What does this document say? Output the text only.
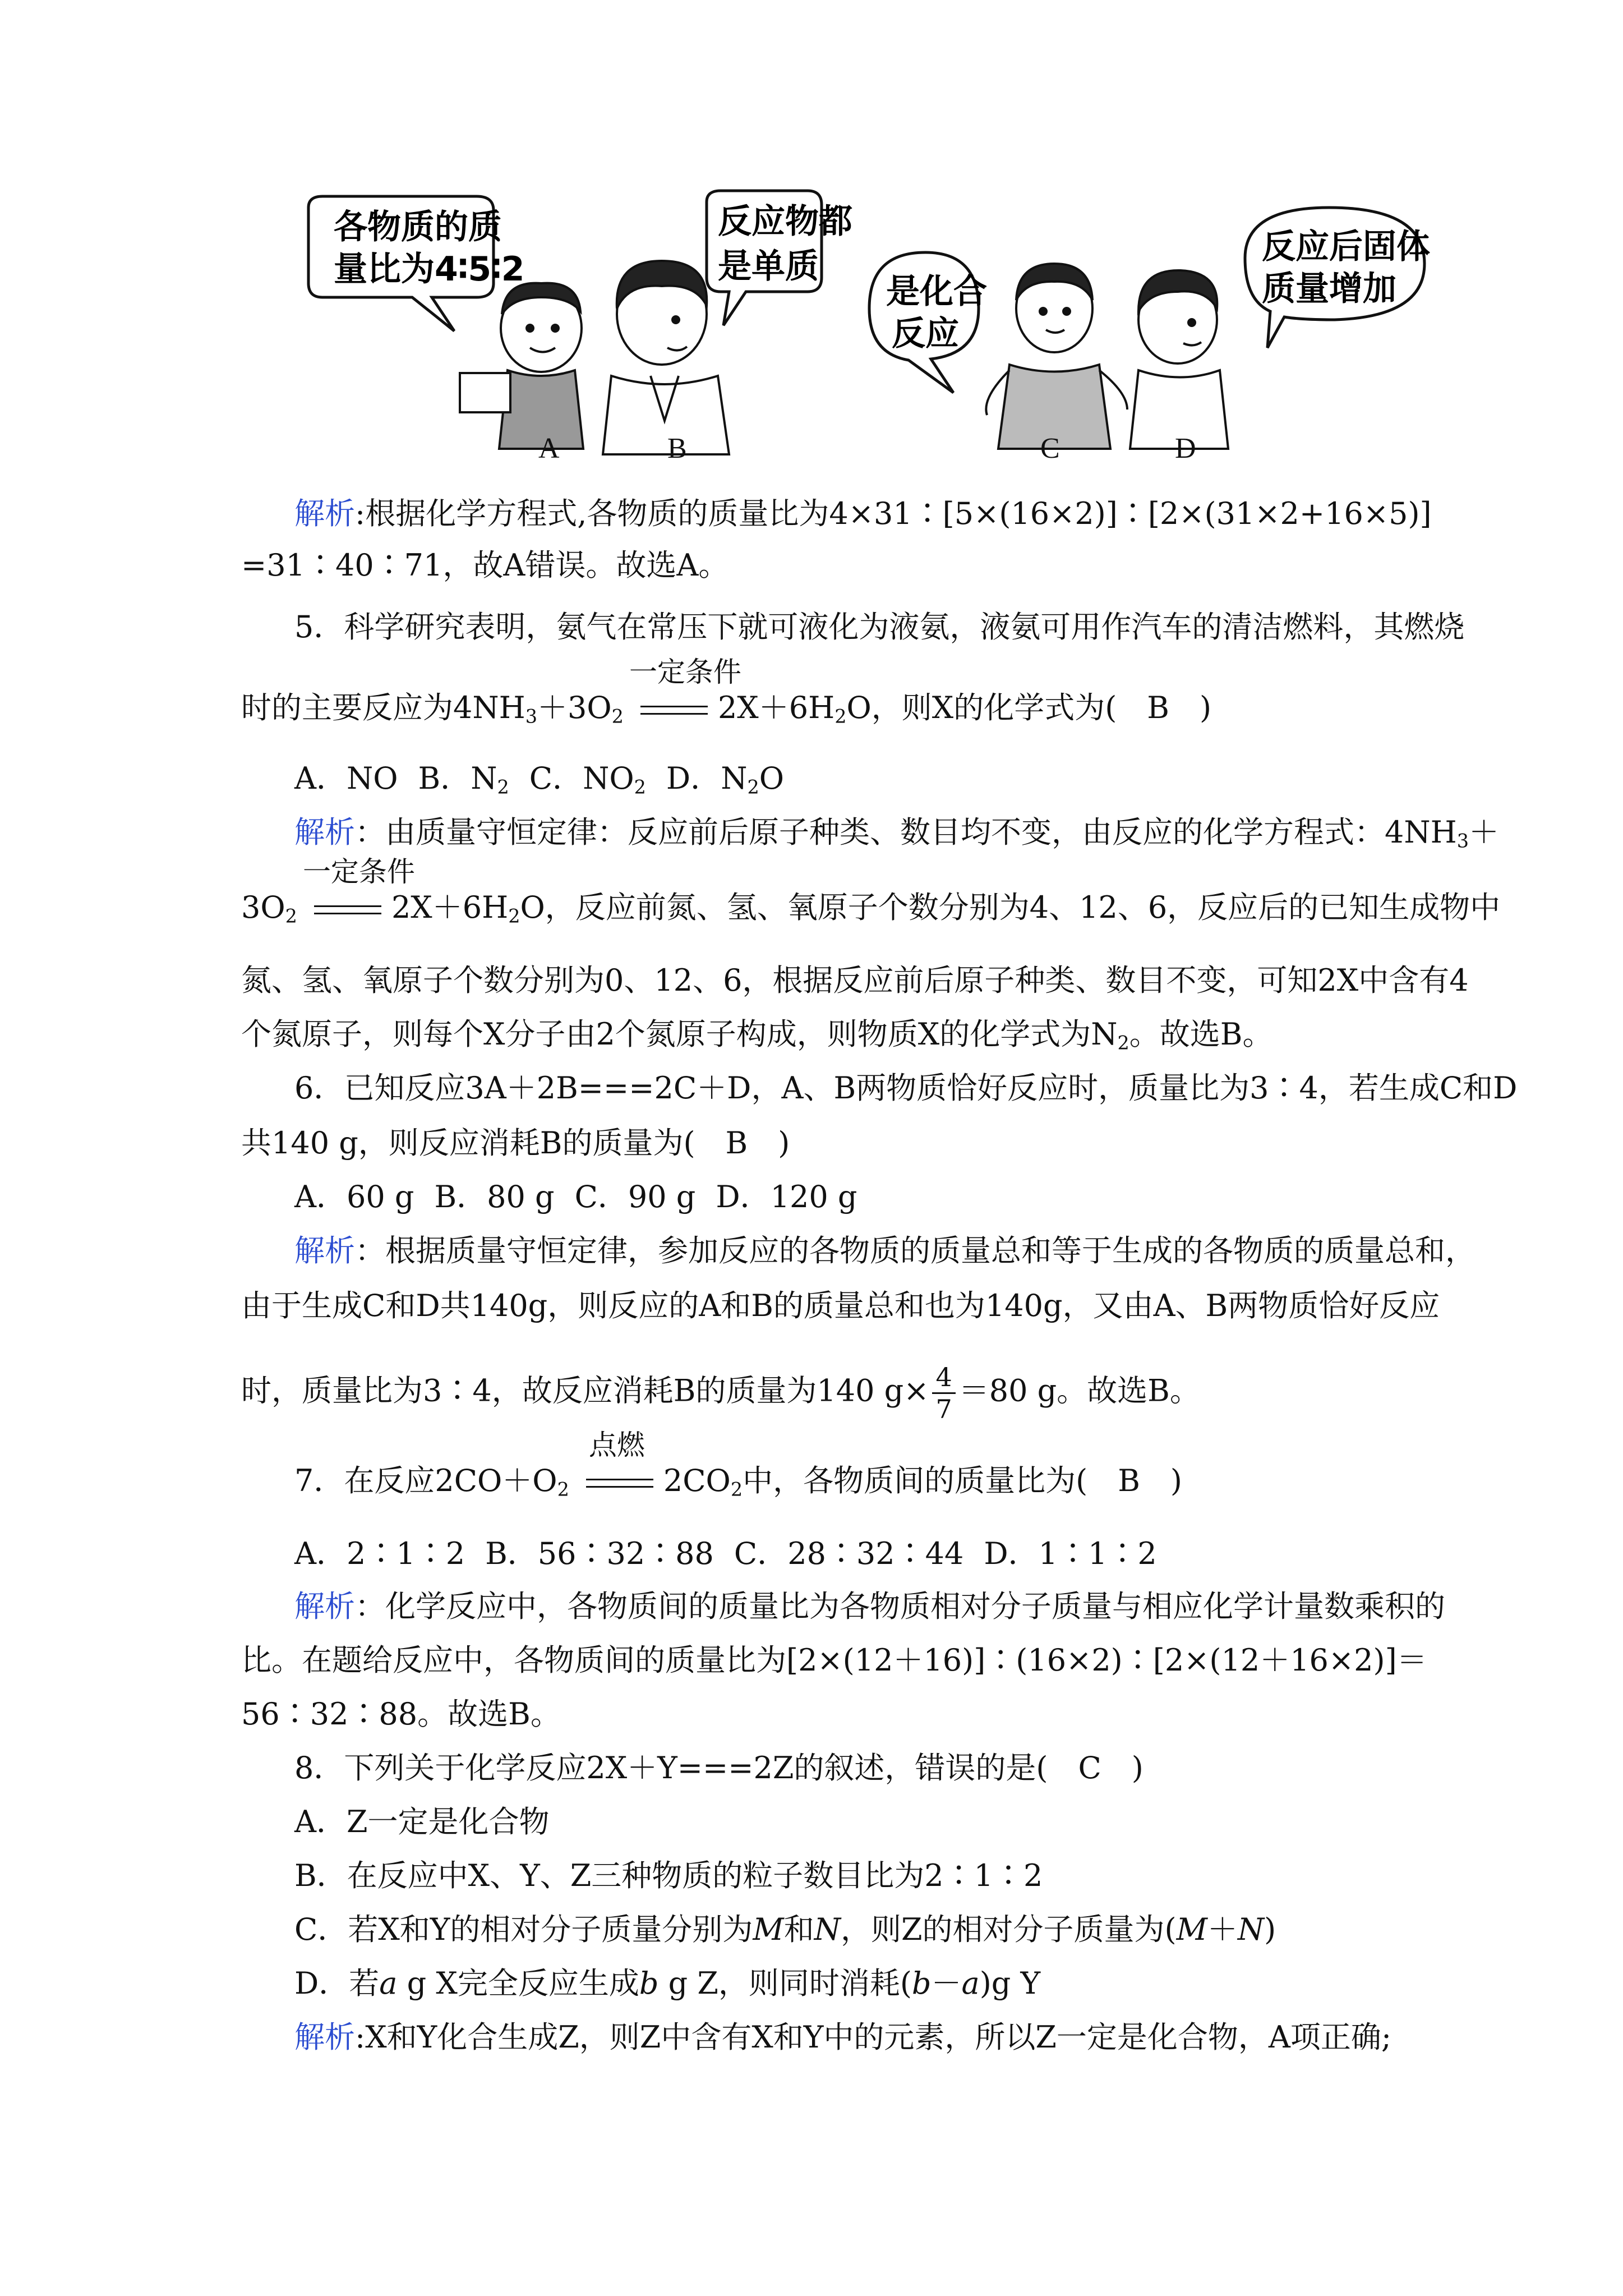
各物质的质
量比为4∶5∶2
反应物都
是单质
是化合
反应
反应后固体
质量增加
A	B	C	D
解析:根据化学方程式,各物质的质量比为4×31∶[5×(16×2)]∶[2×(31×2+16×5)]
=31∶40∶71，故A错误。故选A。
5．科学研究表明，氨气在常压下就可液化为液氨，液氨可用作汽车的清洁燃料，其燃烧
时的主要反应为$4NH_3+3O_2$
一定条件
$2X+6H_2O$，则X的化学式为(　B　)
A．NO B．$N_2$ C．$NO_2$ D．$N_2O$
解析：由质量守恒定律：反应前后原子种类、数目均不变，由反应的化学方程式：$4NH_3+$
$3O_2$
一定条件
$2X+6H_2O$，反应前氮、氢、氧原子个数分别为4、12、6，反应后的已知生成物中
氮、氢、氧原子个数分别为0、12、6，根据反应前后原子种类、数目不变，可知2X中含有4
个氮原子，则每个X分子由2个氮原子构成，则物质X的化学式为$N_2$。故选B。
6．已知反应3A＋2B===2C＋D，A、B两物质恰好反应时，质量比为3∶4，若生成C和D
共140 g，则反应消耗B的质量为(　B　)
A．60 g B．80 g C．90 g D．120 g
解析：根据质量守恒定律，参加反应的各物质的质量总和等于生成的各物质的质量总和，
由于生成C和D共140g，则反应的A和B的质量总和也为140g，又由A、B两物质恰好反应
时，质量比为3∶4，故反应消耗B的质量为140 $g\times \frac{4}{7} =80$ g。故选B。
7．在反应$2CO+O_2$
点燃
$2CO_2$中，各物质间的质量比为(　B　)
A．2∶1∶2 B．56∶32∶88 C．28∶32∶44 D．1∶1∶2
解析：化学反应中，各物质间的质量比为各物质相对分子质量与相应化学计量数乘积的
比。在题给反应中，各物质间的质量比为[2×(12＋16)]∶(16×2)∶[2×(12＋16×2)]＝
56∶32∶88。故选B。
8．下列关于化学反应2X＋Y===2Z的叙述，错误的是(　C　)
A．Z一定是化合物
B．在反应中X、Y、Z三种物质的粒子数目比为2∶1∶2
C．若X和Y的相对分子质量分别为M和N，则Z的相对分子质量为(M＋N)
D．若a g X完全反应生成b g Z，则同时消耗(b－a)g Y
解析:X和Y化合生成Z，则Z中含有X和Y中的元素，所以Z一定是化合物，A项正确;
